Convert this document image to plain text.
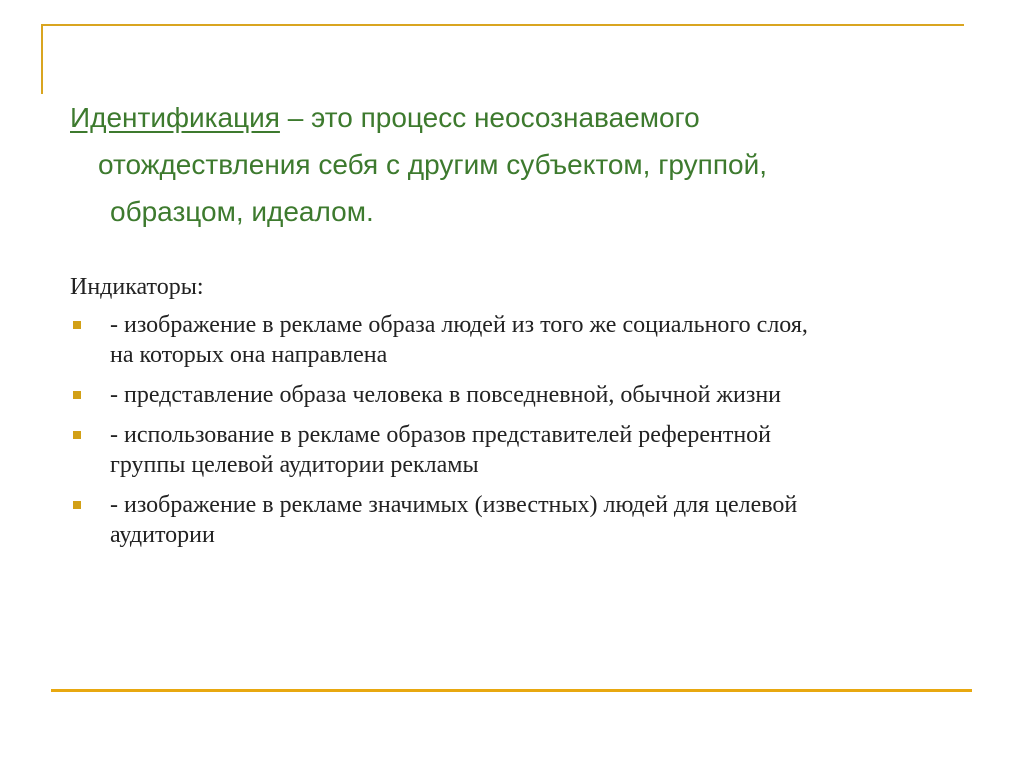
Идентификация – это процесс неосознаваемого
отождествления себя с другим субъектом, группой,
образцом, идеалом.
Индикаторы:
- изображение в рекламе образа людей из того же социального слоя,
на которых она направлена
- представление образа человека в повседневной, обычной жизни
- использование в рекламе образов представителей референтной
группы целевой аудитории рекламы
- изображение в рекламе значимых (известных) людей для целевой
аудитории
